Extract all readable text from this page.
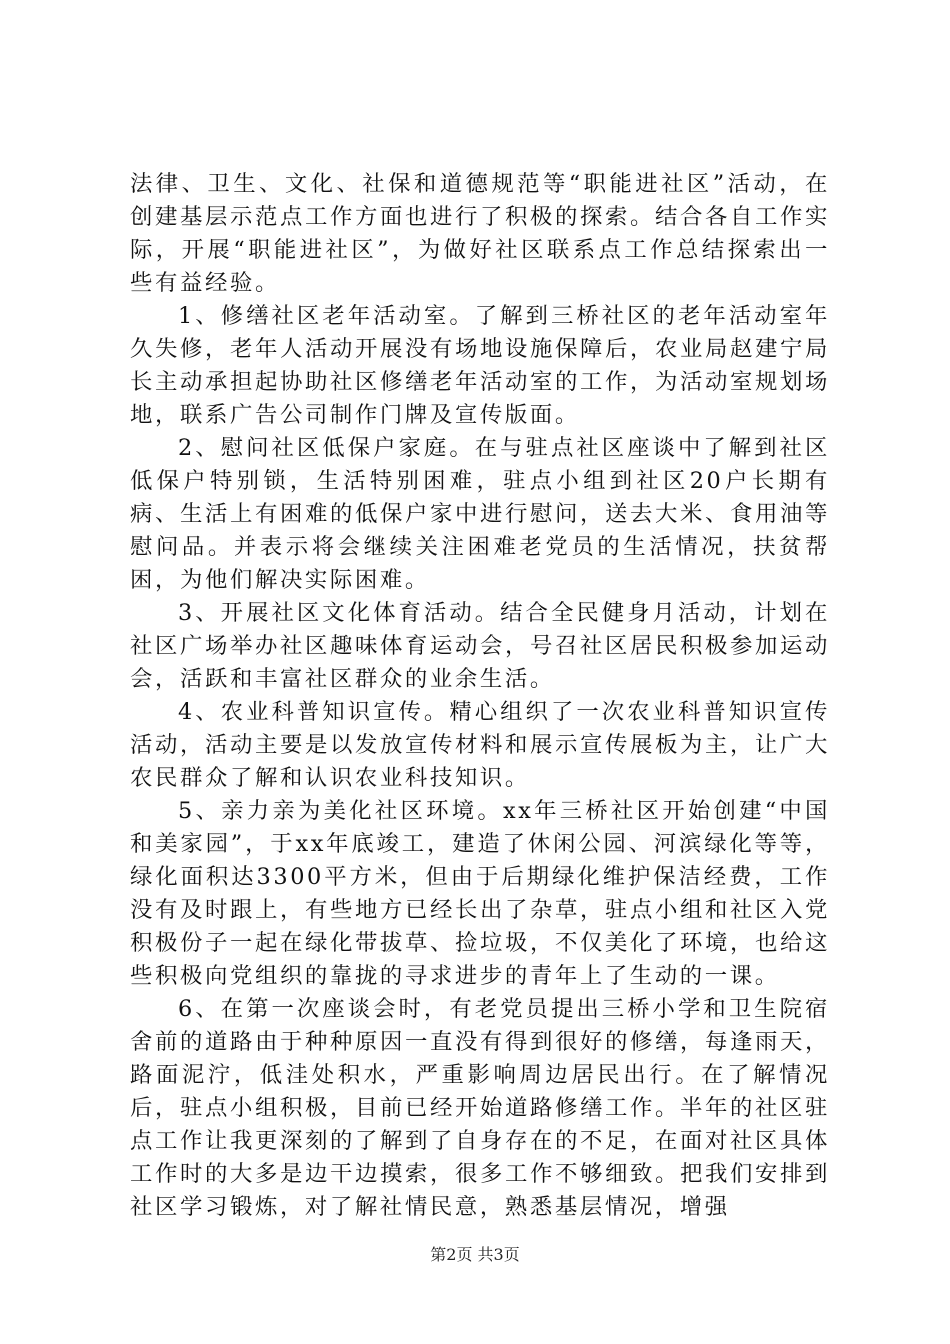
法律、卫生、文化、社保和道德规范等“职能进社区”活动，在创建基层示范点工作方面也进行了积极的探索。结合各自工作实际，开展“职能进社区”，为做好社区联系点工作总结探索出一些有益经验。

1、修缮社区老年活动室。了解到三桥社区的老年活动室年久失修，老年人活动开展没有场地设施保障后，农业局赵建宁局长主动承担起协助社区修缮老年活动室的工作，为活动室规划场地，联系广告公司制作门牌及宣传版面。

2、慰问社区低保户家庭。在与驻点社区座谈中了解到社区低保户特别锁，生活特别困难，驻点小组到社区20户长期有病、生活上有困难的低保户家中进行慰问，送去大米、食用油等慰问品。并表示将会继续关注困难老党员的生活情况，扶贫帮困，为他们解决实际困难。

3、开展社区文化体育活动。结合全民健身月活动，计划在社区广场举办社区趣味体育运动会，号召社区居民积极参加运动会，活跃和丰富社区群众的业余生活。

4、农业科普知识宣传。精心组织了一次农业科普知识宣传活动，活动主要是以发放宣传材料和展示宣传展板为主，让广大农民群众了解和认识农业科技知识。

5、亲力亲为美化社区环境。xx年三桥社区开始创建“中国和美家园”，于xx年底竣工，建造了休闲公园、河滨绿化等等，绿化面积达3300平方米，但由于后期绿化维护保洁经费，工作没有及时跟上，有些地方已经长出了杂草，驻点小组和社区入党积极份子一起在绿化带拔草、捡垃圾，不仅美化了环境，也给这些积极向党组织的靠拢的寻求进步的青年上了生动的一课。

6、在第一次座谈会时，有老党员提出三桥小学和卫生院宿舍前的道路由于种种原因一直没有得到很好的修缮，每逢雨天，路面泥泞，低洼处积水，严重影响周边居民出行。在了解情况后，驻点小组积极，目前已经开始道路修缮工作。半年的社区驻点工作让我更深刻的了解到了自身存在的不足，在面对社区具体工作时的大多是边干边摸索，很多工作不够细致。把我们安排到社区学习锻炼，对了解社情民意，熟悉基层情况，增强

第2页 共3页
